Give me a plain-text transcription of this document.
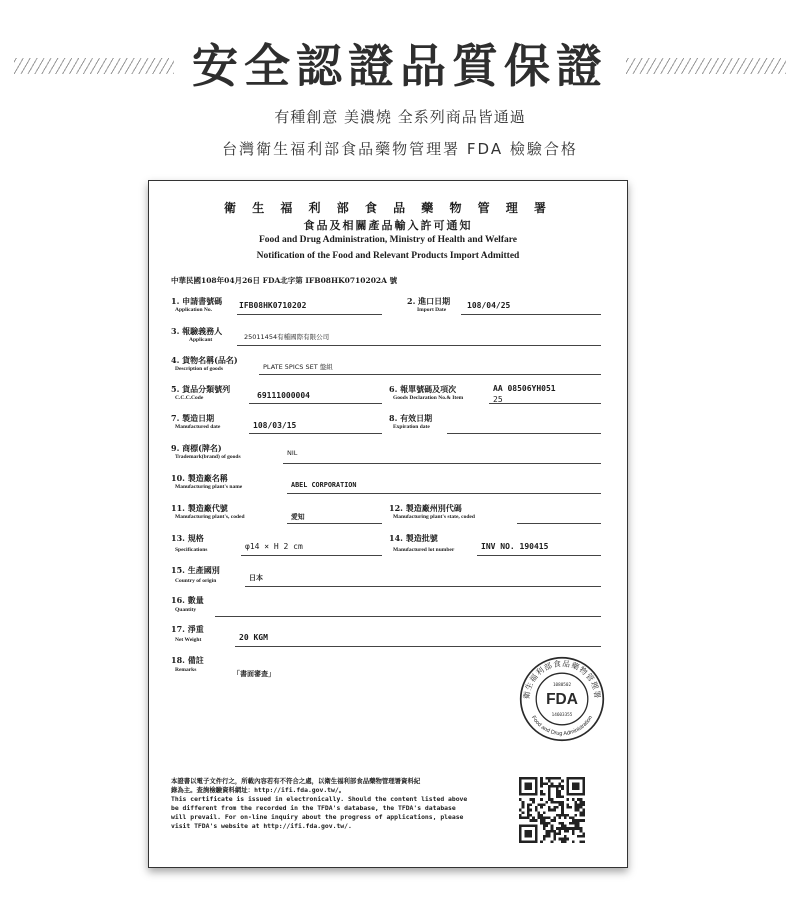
安全認證品質保證
有種創意 美濃燒 全系列商品皆通過
台灣衛生福利部食品藥物管理署 FDA 檢驗合格
衛 生 福 利 部 食 品 藥 物 管 理 署
食品及相關產品輸入許可通知
Food and Drug Administration, Ministry of Health and Welfare
Notification of the Food and Relevant Products Import Admitted
中華民國108年04月26日 FDA北字第 IFB08HK0710202A 號
1. 申請書號碼
Application No.	IFB08HK0710202	2. 進口日期
Import Date	108/04/25
3. 報驗義務人
Applicant	25011454有種國際有限公司
4. 貨物名稱(品名)
Description of goods	PLATE 5PICS SET 盤組
5. 貨品分類號列
C.C.C.Code	69111000004
6. 報單號碼及項次
Goods Declaration No.& Item
AA 08506YH051
25
7. 製造日期
Manufactured date	108/03/15
8. 有效日期
Expiration date
9. 商標(牌名)
Trademark(brand) of goods	NIL
10. 製造廠名稱
Manufacturing plant's name	ABEL CORPORATION
11. 製造廠代號
Manufacturing plant's, coded	愛知
12. 製造廠州別代碼
Manufacturing plant's state, coded
13. 規格
Specifications	φ14 × H 2 cm
14. 製造批號
Manufactured lot number	INV NO. 190415
15. 生產國別
Country of origin	日本
16. 數量
Quantity
17. 淨重
Net Weight	20 KGM
18. 備註
Remarks	「書面審查」
衛生福利部食品藥物管理署
Food and Drug Administration
1080502
FDA
14603355
本證書以電子文件行之，所載內容若有不符合之處，以衛生福利部食品藥物管理署資料紀
錄為主。查詢檢驗資料網址：http://ifi.fda.gov.tw/。
This certificate is issued in electronically. Should the content listed above
be different from the recorded in the TFDA's database, the TFDA's database
will prevail. For on-line inquiry about the progress of applications, please
visit TFDA's website at http://ifi.fda.gov.tw/.
